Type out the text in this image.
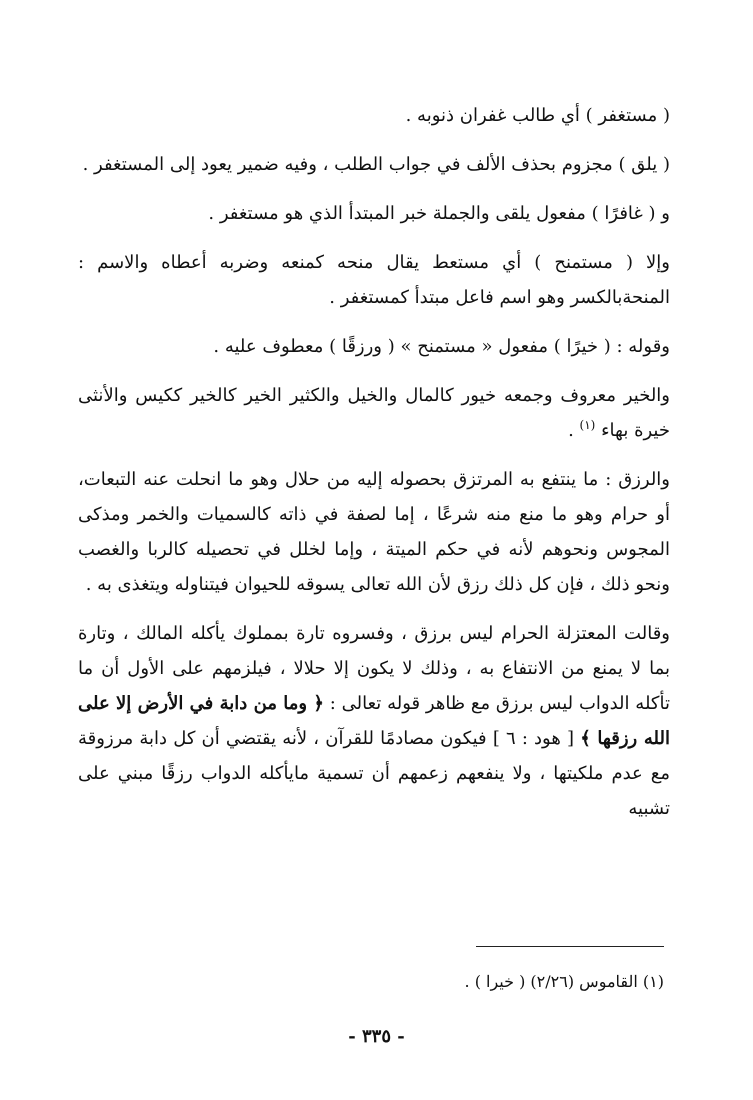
( مستغفر ) أي طالب غفران ذنوبه .

( يلق ) مجزوم بحذف الألف في جواب الطلب ، وفيه ضمير يعود إلى المستغفر .

و ( غافرًا ) مفعول يلقى والجملة خبر المبتدأ الذي هو مستغفر .

وإلا ( مستمنح ) أي مستعط يقال منحه كمنعه وضربه أعطاه والاسم : المنحةبالكسر وهو اسم فاعل مبتدأ كمستغفر .

وقوله : ( خيرًا ) مفعول « مستمنح » ( ورزقًا ) معطوف عليه .

والخير معروف وجمعه خيور كالمال والخيل والكثير الخير كالخير ككيس والأنثى خيرة بهاء $^{(١)}$ .

والرزق : ما ينتفع به المرتزق بحصوله إليه من حلال وهو ما انحلت عنه التبعات، أو حرام وهو ما منع منه شرعًا ، إما لصفة في ذاته كالسميات والخمر ومذكى المجوس ونحوهم لأنه في حكم الميتة ، وإما لخلل في تحصيله كالربا والغصب ونحو ذلك ، فإن كل ذلك رزق لأن الله تعالى يسوقه للحيوان فيتناوله ويتغذى به .

وقالت المعتزلة الحرام ليس برزق ، وفسروه تارة بمملوك يأكله المالك ، وتارة بما لا يمنع من الانتفاع به ، وذلك لا يكون إلا حلالا ، فيلزمهم على الأول أن ما تأكله الدواب ليس برزق مع ظاهر قوله تعالى : ﴿ وما من دابة في الأرض إلا على الله رزقها ﴾ [ هود : ٦ ] فيكون مصادمًا للقرآن ، لأنه يقتضي أن كل دابة مرزوقة مع عدم ملكيتها ، ولا ينفعهم زعمهم أن تسمية مايأكله الدواب رزقًا مبني على تشبيه

(١) القاموس (٢/٢٦) ( خيرا ) .
- ٣٣٥ -
